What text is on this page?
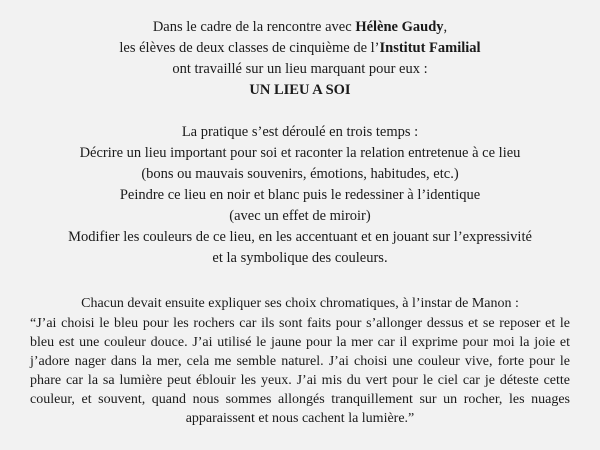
Dans le cadre de la rencontre avec Hélène Gaudy,
les élèves de deux classes de cinquième de l’Institut Familial
ont travaillé sur un lieu marquant pour eux :
UN LIEU A SOI
La pratique s’est déroulé en trois temps :
Décrire un lieu important pour soi et raconter la relation entretenue à ce lieu
(bons ou mauvais souvenirs, émotions, habitudes, etc.)
Peindre ce lieu en noir et blanc puis le redessiner à l’identique
(avec un effet de miroir)
Modifier les couleurs de ce lieu, en les accentuant et en jouant sur l’expressivité
et la symbolique des couleurs.
Chacun devait ensuite expliquer ses choix chromatiques, à l’instar de Manon :
“J’ai choisi le bleu pour les rochers car ils sont faits pour s’allonger dessus et se reposer et le bleu est une couleur douce. J’ai utilisé le jaune pour la mer car il exprime pour moi la joie et j’adore nager dans la mer, cela me semble naturel. J’ai choisi une couleur vive, forte pour le phare car la sa lumière peut éblouir les yeux. J’ai mis du vert pour le ciel car je déteste cette couleur, et souvent, quand nous sommes allongés tranquillement sur un rocher, les nuages apparaissent et nous cachent la lumière.”
